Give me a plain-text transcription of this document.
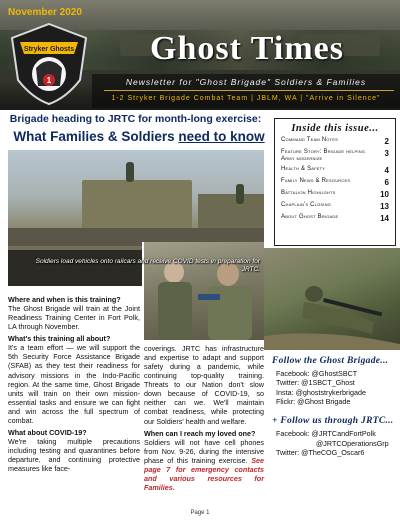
November 2020
Stryker Ghosts
1
Ghost Times
Newsletter for "Ghost Brigade" Soldiers & Families
1-2 Stryker Brigade Combat Team | JBLM, WA | "Arrive in Silence"
Brigade heading to JRTC for month-long exercise:
What Families & Soldiers need to know
Soldiers load vehicles onto railcars and receive COVID tests in preparation for JRTC.
Where and when is this training?
The Ghost Brigade will train at the Joint Readiness Training Center in Fort Polk, LA through November.
What's this training all about?
It's a team effort — we will support the 5th Security Force Assistance Brigade (SFAB) as they test their readiness for advisory missions in the Indo-Pacific region. At the same time, Ghost Brigade units will train on their own mission-essential tasks and ensure we can fight and win across the full spectrum of combat.
What about COVID-19?
We're taking multiple precautions including testing and quarantines before departure, and continuing protective measures like face-
coverings. JRTC has infrastructure and expertise to adapt and support safety during a pandemic, while continuing top-quality training. Threats to our Nation don't slow down because of COVID-19, so neither can we. We'll maintain combat readiness, while protecting our Soldiers' health and welfare.
When can I reach my loved one?
Soldiers will not have cell phones from Nov. 9-26, during the intensive phase of this training exercise. See page 7 for emergency contacts and various resources for Families.
Inside this issue...
Command Team Notes	2
Feature Story: Brigade helping Army modernize
3
Health & Safety	4
Family News & Resources	6
Battalion Highlights	10
Chaplain's Closing	13
About Ghost Brigade	14
Follow the Ghost Brigade...
Facebook: @GhostSBCT
Twitter: @1SBCT_Ghost
Insta: @ghoststrykerbrigade
Flickr: @Ghost Brigade
+ Follow us through JRTC...
Facebook: @JRTCandFortPolk
@JRTCOperationsGrp
Twitter: @TheCOG_Oscar6
Page 1
